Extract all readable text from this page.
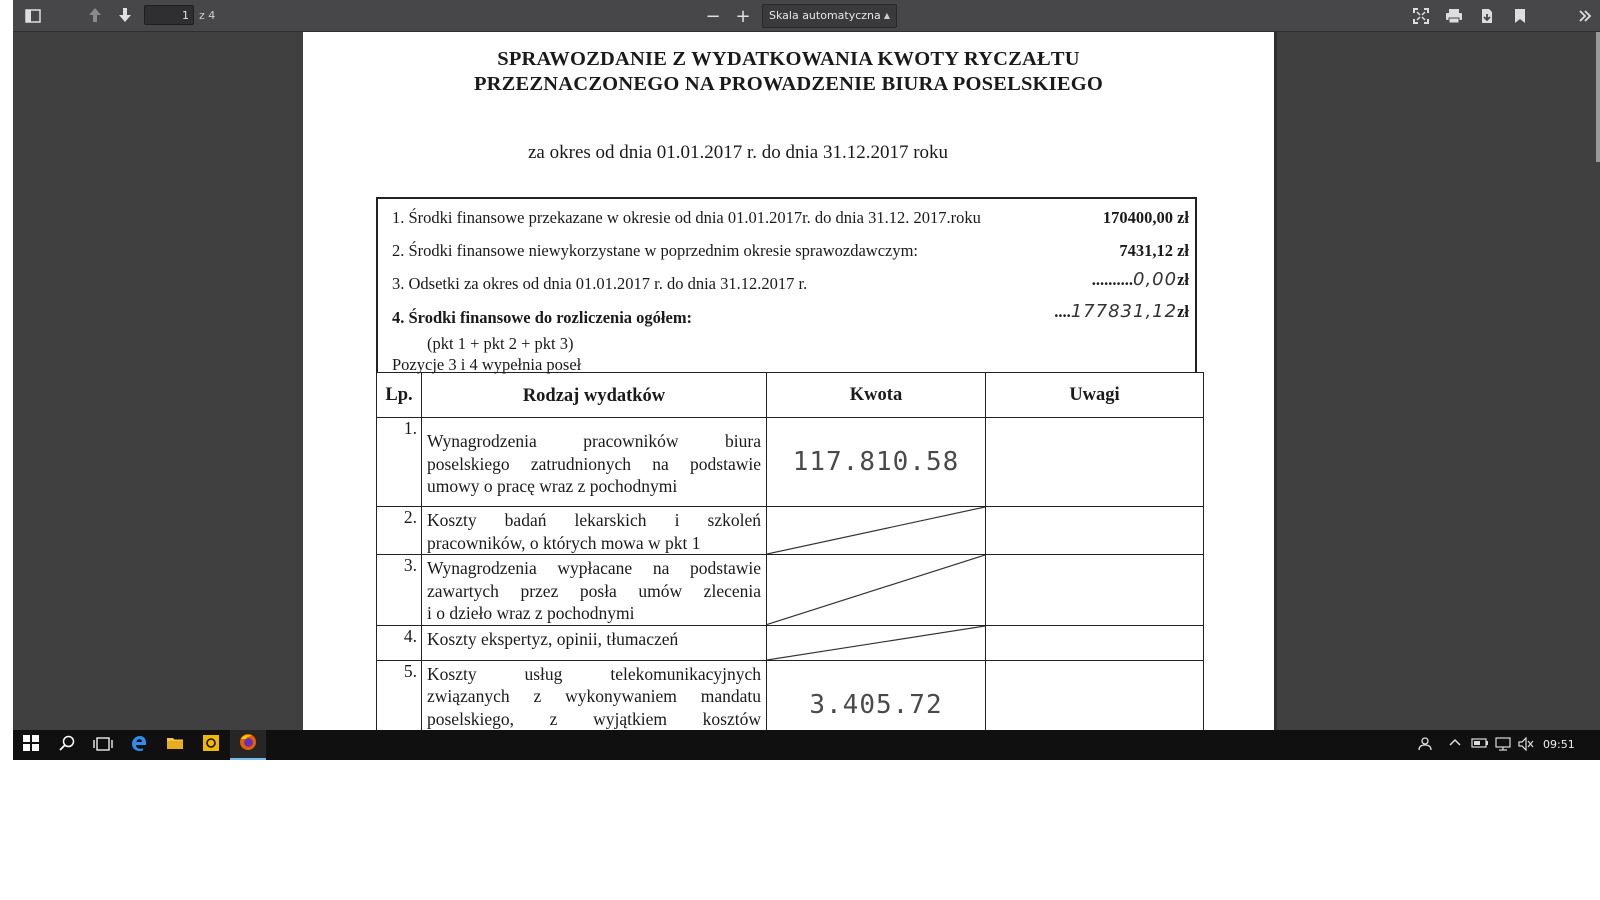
1
z 4	− +	Skala automatyczna ▲

SPRAWOZDANIE Z WYDATKOWANIA KWOTY RYCZAŁTU
PRZEZNACZONEGO NA PROWADZENIE BIURA POSELSKIEGO
za okres od dnia 01.01.2017 r. do dnia 31.12.2017 roku
1. Środki finansowe przekazane w okresie od dnia 01.01.2017r. do dnia 31.12. 2017.roku	170400,00 zł
2. Środki finansowe niewykorzystane w poprzednim okresie sprawozdawczym:	7431,12 zł
3. Odsetki za okres od dnia 01.01.2017 r. do dnia 31.12.2017 r.	..........0,00zł
4. Środki finansowe do rozliczenia ogółem:	....177831,12zł
(pkt 1 + pkt 2 + pkt 3)
Pozycje 3 i 4 wypełnia poseł
Lp.	Rodzaj wydatków	Kwota	Uwagi
1.	Wynagrodzenia pracowników biura
poselskiego zatrudnionych na podstawie
umowy o pracę wraz z pochodnymi	117.810.58	

2.	Koszty badań lekarskich i szkoleń
pracowników, o których mowa w pkt 1

3.	Wynagrodzenia wypłacane na podstawie
zawartych przez posła umów zlecenia
i o dzieło wraz z pochodnymi

4.	Koszty ekspertyz, opinii, tłumaczeń

5.	Koszty usług telekomunikacyjnych
związanych z wykonywaniem mandatu
poselskiego, z wyjątkiem kosztów	3.405.72	

09:51
